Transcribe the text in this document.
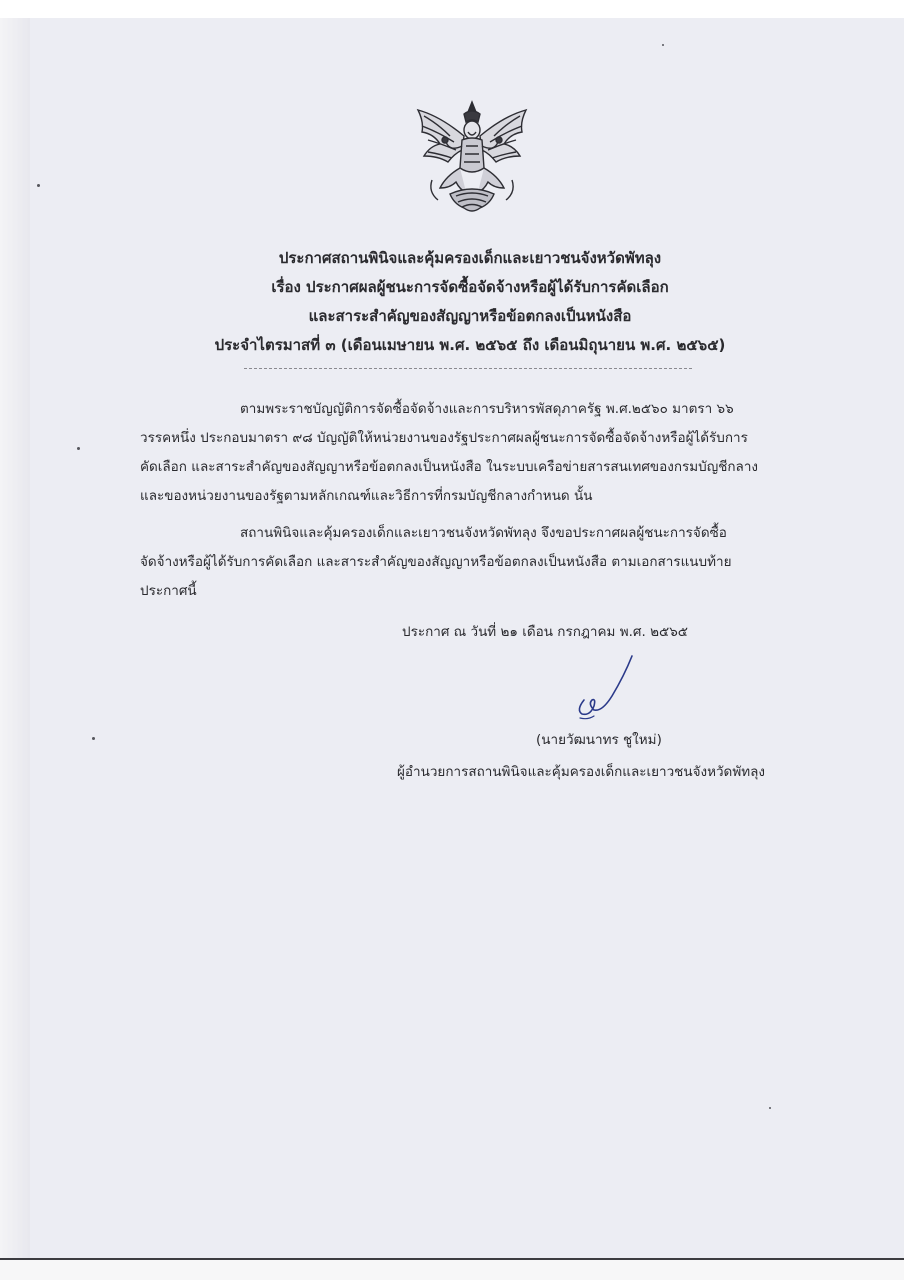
ประกาศสถานพินิจและคุ้มครองเด็กและเยาวชนจังหวัดพัทลุง
เรื่อง ประกาศผลผู้ชนะการจัดซื้อจัดจ้างหรือผู้ได้รับการคัดเลือก
และสาระสำคัญของสัญญาหรือข้อตกลงเป็นหนังสือ
ประจำไตรมาสที่ ๓ (เดือนเมษายน พ.ศ. ๒๕๖๕ ถึง เดือนมิถุนายน พ.ศ. ๒๕๖๕)
ตามพระราชบัญญัติการจัดซื้อจัดจ้างและการบริหารพัสดุภาครัฐ พ.ศ.๒๕๖๐ มาตรา ๖๖
วรรคหนึ่ง ประกอบมาตรา ๙๘ บัญญัติให้หน่วยงานของรัฐประกาศผลผู้ชนะการจัดซื้อจัดจ้างหรือผู้ได้รับการ
คัดเลือก และสาระสำคัญของสัญญาหรือข้อตกลงเป็นหนังสือ ในระบบเครือข่ายสารสนเทศของกรมบัญชีกลาง
และของหน่วยงานของรัฐตามหลักเกณฑ์และวิธีการที่กรมบัญชีกลางกำหนด นั้น
สถานพินิจและคุ้มครองเด็กและเยาวชนจังหวัดพัทลุง จึงขอประกาศผลผู้ชนะการจัดซื้อ
จัดจ้างหรือผู้ได้รับการคัดเลือก และสาระสำคัญของสัญญาหรือข้อตกลงเป็นหนังสือ ตามเอกสารแนบท้าย
ประกาศนี้
ประกาศ ณ วันที่ ๒๑ เดือน กรกฎาคม พ.ศ. ๒๕๖๕
(นายวัฒนาทร ชูใหม่)
ผู้อำนวยการสถานพินิจและคุ้มครองเด็กและเยาวชนจังหวัดพัทลุง
